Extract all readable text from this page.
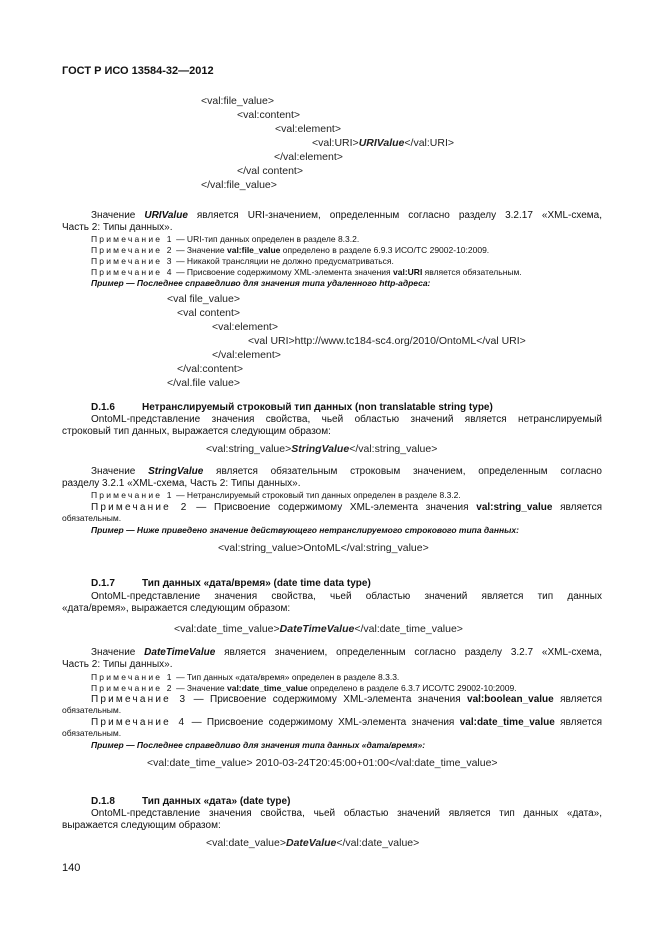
ГОСТ Р ИСО 13584-32—2012
<val:file_value>
<val:content>
<val:element>
<val:URI>URIValue</val:URI>
</val:element>
</val content>
</val:file_value>
Значение URIValue является URI-значением, определенным согласно разделу 3.2.17 «XML-схема,
Часть 2: Типы данных».
Примечание 1 — URI-тип данных определен в разделе 8.3.2.
Примечание 2 — Значение val:file_value определено в разделе 6.9.3 ИСО/ТС 29002-10:2009.
Примечание 3 — Никакой трансляции не должно предусматриваться.
Примечание 4 — Присвоение содержимому XML-элемента значения val:URI является обязательным.
Пример — Последнее справедливо для значения типа удаленного http-адреса:
<val file_value>
<val content>
<val:element>
<val URI>http://www.tc184-sc4.org/2010/OntoML</val URI>
</val:element>
</val:content>
</val.file value>
D.1.6	Нетранслируемый строковый тип данных (non translatable string type)
OntoML-представление значения свойства, чьей областью значений является нетранслируемый
строковый тип данных, выражается следующим образом:
<val:string_value>StringValue</val:string_value>
Значение StringValue является обязательным строковым значением, определенным согласно
разделу 3.2.1 «XML-схема, Часть 2: Типы данных».
Примечание 1 — Нетранслируемый строковый тип данных определен в разделе 8.3.2.
Примечание 2 — Присвоение содержимому XML-элемента значения val:string_value является
обязательным.
Пример — Ниже приведено значение действующего нетранслируемого строкового типа данных:
<val:string_value>OntoML</val:string_value>
D.1.7	Тип данных «дата/время» (date time data type)
OntoML-представление значения свойства, чьей областью значений является тип данных
«дата/время», выражается следующим образом:
<val:date_time_value>DateTimeValue</val:date_time_value>
Значение DateTimeValue является значением, определенным согласно разделу 3.2.7 «XML-схема,
Часть 2: Типы данных».
Примечание 1 — Тип данных «дата/время» определен в разделе 8.3.3.
Примечание 2 — Значение val:date_time_value определено в разделе 6.3.7 ИСО/ТС 29002-10:2009.
Примечание 3 — Присвоение содержимому XML-элемента значения val:boolean_value является
обязательным.
Примечание 4 — Присвоение содержимому XML-элемента значения val:date_time_value является
обязательным.
Пример — Последнее справедливо для значения типа данных «дата/время»:
<val:date_time_value> 2010-03-24T20:45:00+01:00</val:date_time_value>
D.1.8	Тип данных «дата» (date type)
OntoML-представление значения свойства, чьей областью значений является тип данных «дата»,
выражается следующим образом:
<val:date_value>DateValue</val:date_value>
140
